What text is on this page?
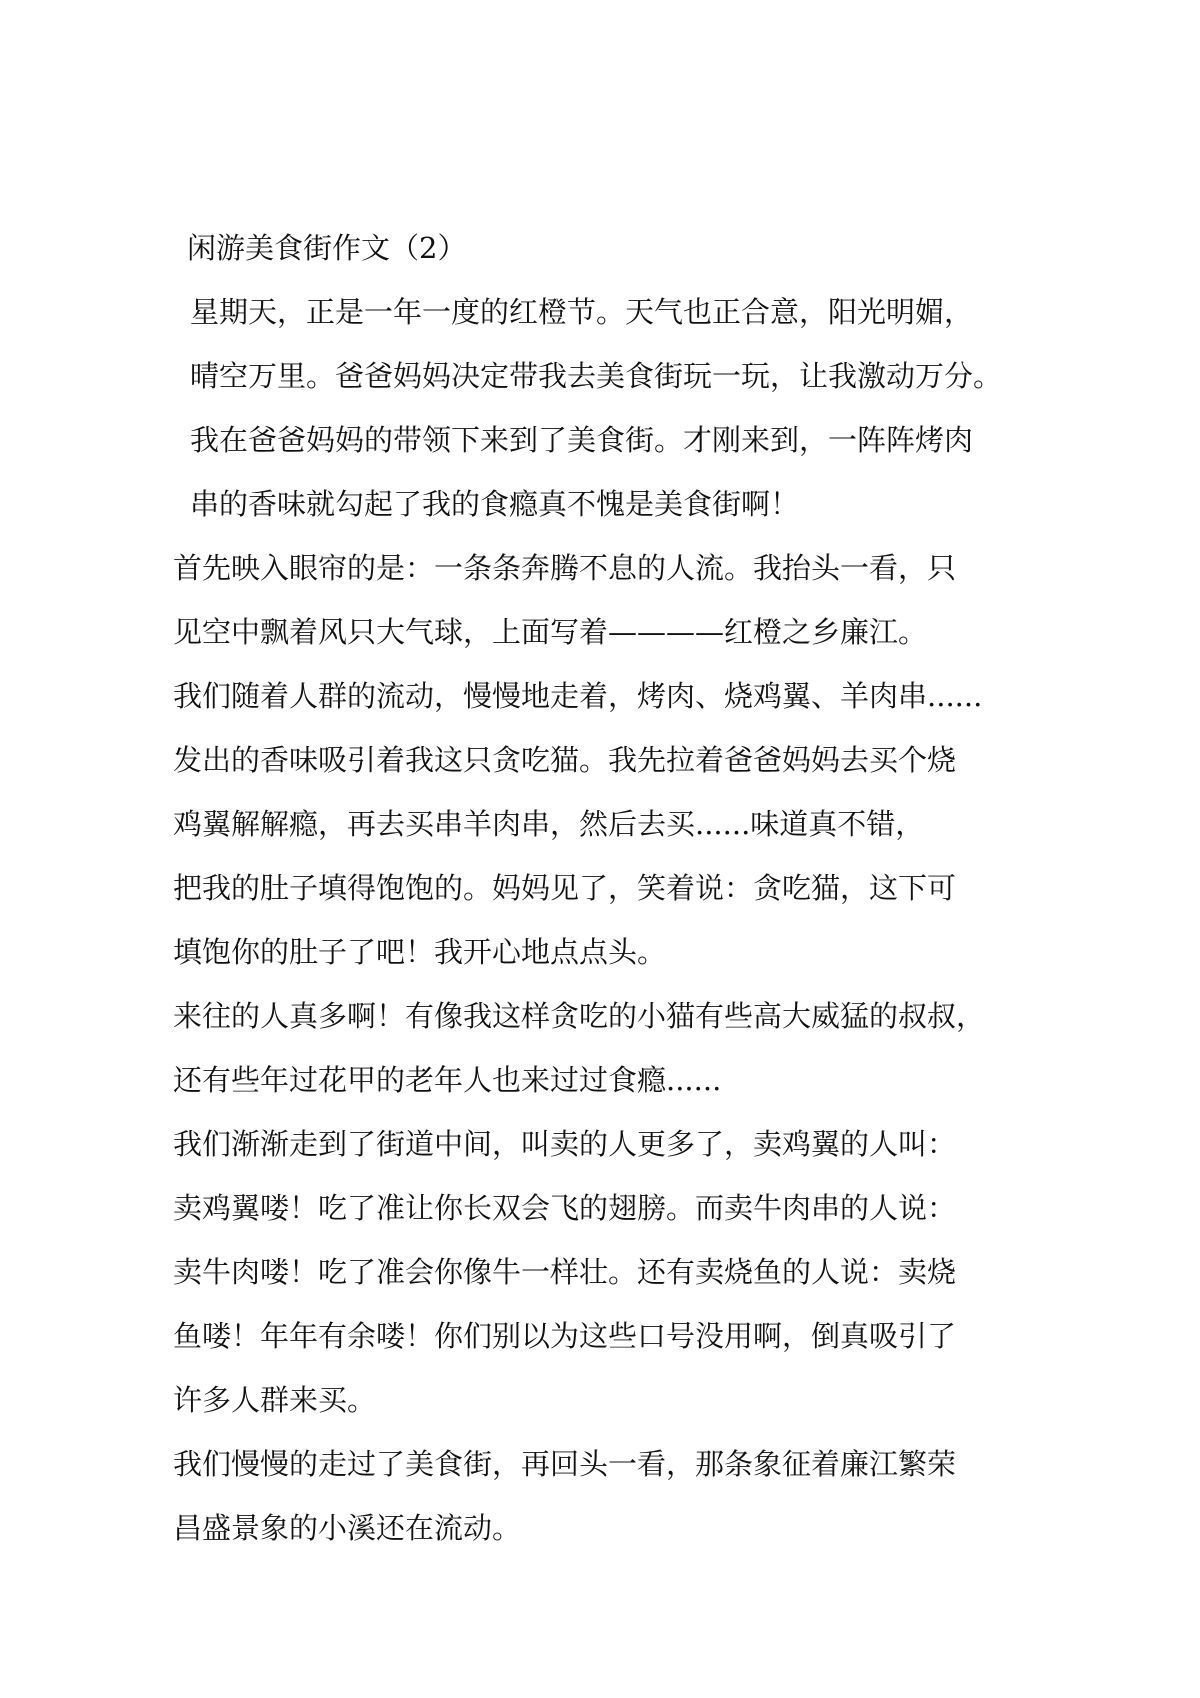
闲游美食街作文（2）

星期天，正是一年一度的红橙节。天气也正合意，阳光明媚，
晴空万里。爸爸妈妈决定带我去美食街玩一玩，让我激动万分。
我在爸爸妈妈的带领下来到了美食街。才刚来到，一阵阵烤肉
串的香味就勾起了我的食瘾真不愧是美食街啊！

首先映入眼帘的是：一条条奔腾不息的人流。我抬头一看，只
见空中飘着风只大气球，上面写着————红橙之乡廉江。

我们随着人群的流动，慢慢地走着，烤肉、烧鸡翼、羊肉串......
发出的香味吸引着我这只贪吃猫。我先拉着爸爸妈妈去买个烧
鸡翼解解瘾，再去买串羊肉串，然后去买......味道真不错，
把我的肚子填得饱饱的。妈妈见了，笑着说：贪吃猫，这下可
填饱你的肚子了吧！我开心地点点头。

来往的人真多啊！有像我这样贪吃的小猫有些高大威猛的叔叔，
还有些年过花甲的老年人也来过过食瘾......

我们渐渐走到了街道中间，叫卖的人更多了，卖鸡翼的人叫：
卖鸡翼喽！吃了准让你长双会飞的翅膀。而卖牛肉串的人说：
卖牛肉喽！吃了准会你像牛一样壮。还有卖烧鱼的人说：卖烧
鱼喽！年年有余喽！你们别以为这些口号没用啊，倒真吸引了
许多人群来买。

我们慢慢的走过了美食街，再回头一看，那条象征着廉江繁荣
昌盛景象的小溪还在流动。
